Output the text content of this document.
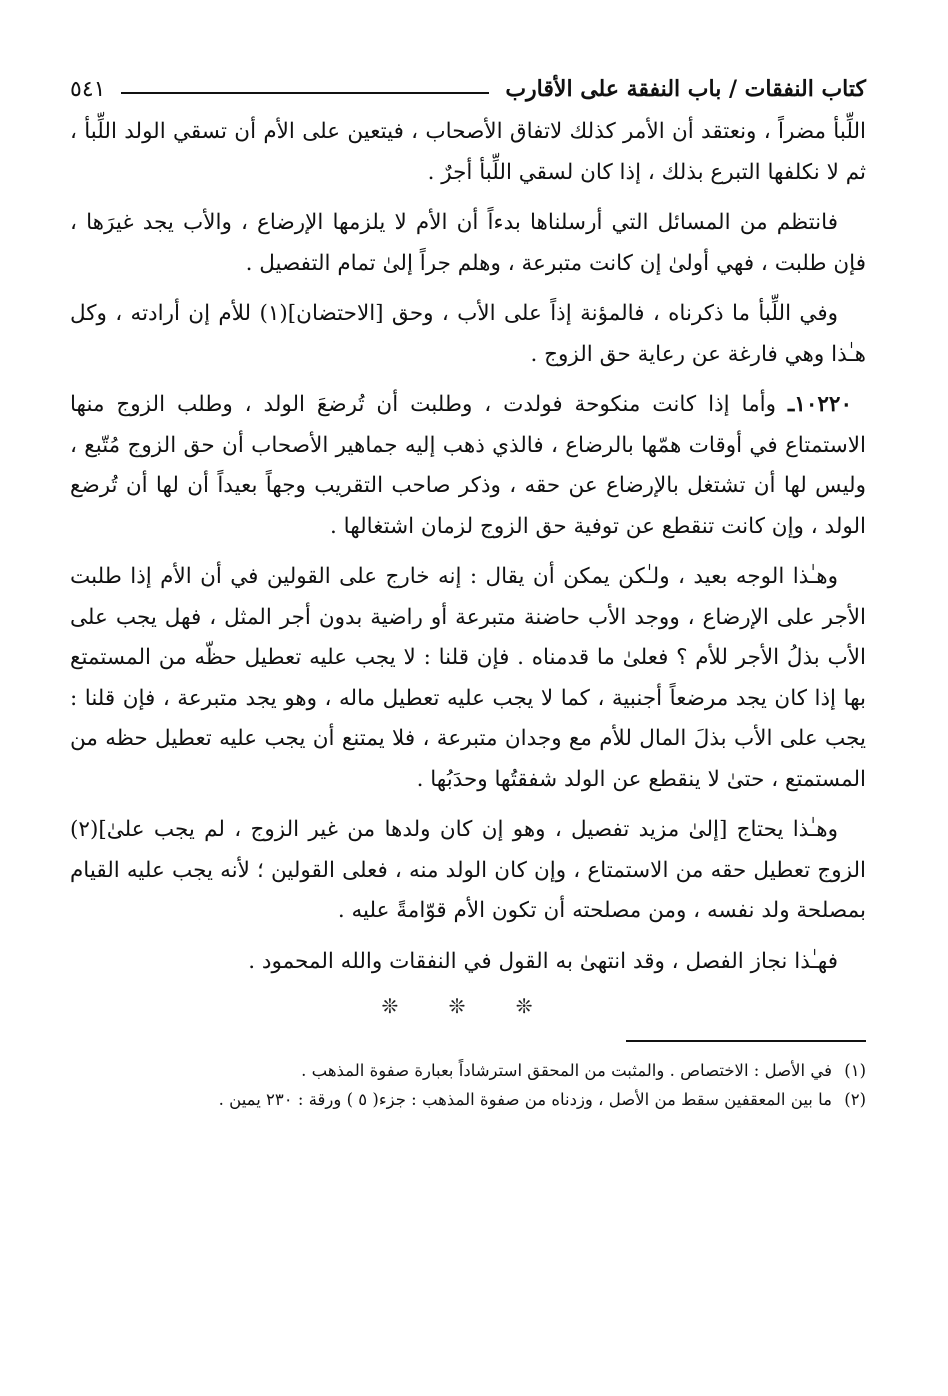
كتاب النفقات / باب النفقة على الأقارب
٥٤١

اللِّبأ مضراً ، ونعتقد أن الأمر كذلك لاتفاق الأصحاب ، فيتعين على الأم أن تسقي الولد اللِّبأ ، ثم لا نكلفها التبرع بذلك ، إذا كان لسقي اللِّبأ أجرٌ .

فانتظم من المسائل التي أرسلناها بدءاً أن الأم لا يلزمها الإرضاع ، والأب يجد غيرَها ، فإن طلبت ، فهي أولىٰ إن كانت متبرعة ، وهلم جراً إلىٰ تمام التفصيل .

وفي اللِّبأ ما ذكرناه ، فالمؤنة إذاً على الأب ، وحق [الاحتضان](١) للأم إن أرادته ، وكل هـٰذا وهي فارغة عن رعاية حق الزوج .

١٠٢٢٠ـ وأما إذا كانت منكوحة فولدت ، وطلبت أن تُرضعَ الولد ، وطلب الزوج منها الاستمتاع في أوقات همّها بالرضاع ، فالذي ذهب إليه جماهير الأصحاب أن حق الزوج مُتّبع ، وليس لها أن تشتغل بالإرضاع عن حقه ، وذكر صاحب التقريب وجهاً بعيداً أن لها أن تُرضع الولد ، وإن كانت تنقطع عن توفية حق الزوج لزمان اشتغالها .

وهـٰذا الوجه بعيد ، ولـٰكن يمكن أن يقال : إنه خارج على القولين في أن الأم إذا طلبت الأجر على الإرضاع ، ووجد الأب حاضنة متبرعة أو راضية بدون أجر المثل ، فهل يجب على الأب بذلُ الأجر للأم ؟ فعلىٰ ما قدمناه . فإن قلنا : لا يجب عليه تعطيل حظّه من المستمتع بها إذا كان يجد مرضعاً أجنبية ، كما لا يجب عليه تعطيل ماله ، وهو يجد متبرعة ، فإن قلنا : يجب على الأب بذلَ المال للأم مع وجدان متبرعة ، فلا يمتنع أن يجب عليه تعطيل حظه من المستمتع ، حتىٰ لا ينقطع عن الولد شفقتُها وحدَبُها .

وهـٰذا يحتاج [إلىٰ مزيد تفصيل ، وهو إن كان ولدها من غير الزوج ، لم يجب علىٰ](٢) الزوج تعطيل حقه من الاستمتاع ، وإن كان الولد منه ، فعلى القولين ؛ لأنه يجب عليه القيام بمصلحة ولد نفسه ، ومن مصلحته أن تكون الأم قوّامةً عليه .

فهـٰذا نجاز الفصل ، وقد انتهىٰ به القول في النفقات والله المحمود .

❊ ❊ ❊
(١)
في الأصل : الاختصاص . والمثبت من المحقق استرشاداً بعبارة صفوة المذهب .
(٢)
ما بين المعقفين سقط من الأصل ، وزدناه من صفوة المذهب : جزء( ٥ ) ورقة : ٢٣٠ يمين .
